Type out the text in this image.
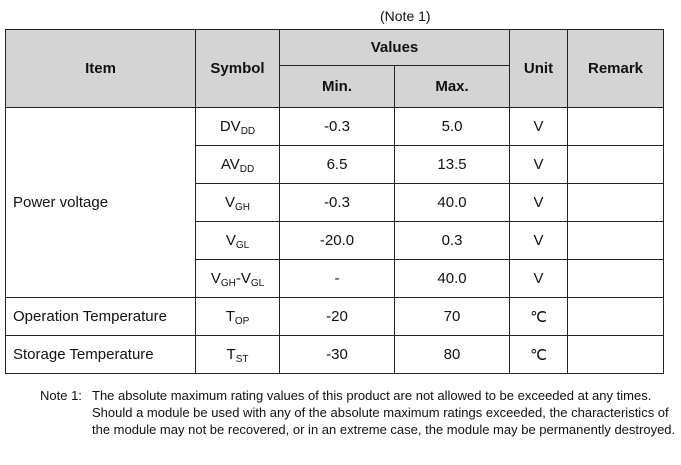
(Note 1)
Item	Symbol	Values		Unit	Remark
		Min.	Max.		
Power voltage	$DV_{DD}$	-0.3	5.0	V	
	$AV_{DD}$	6.5	13.5	V	
	$V_{GH}$	-0.3	40.0	V	
	$V_{GL}$	-20.0	0.3	V	
	$V_{GH}-V_{GL}$	-	40.0	V	
Operation Temperature	$T_{OP}$	-20	70	℃	
Storage Temperature	$T_{ST}$	-30	80	℃	
Note 1: The absolute maximum rating values of this product are not allowed to be exceeded at any times. Should a module be used with any of the absolute maximum ratings exceeded, the characteristics of the module may not be recovered, or in an extreme case, the module may be permanently destroyed.
